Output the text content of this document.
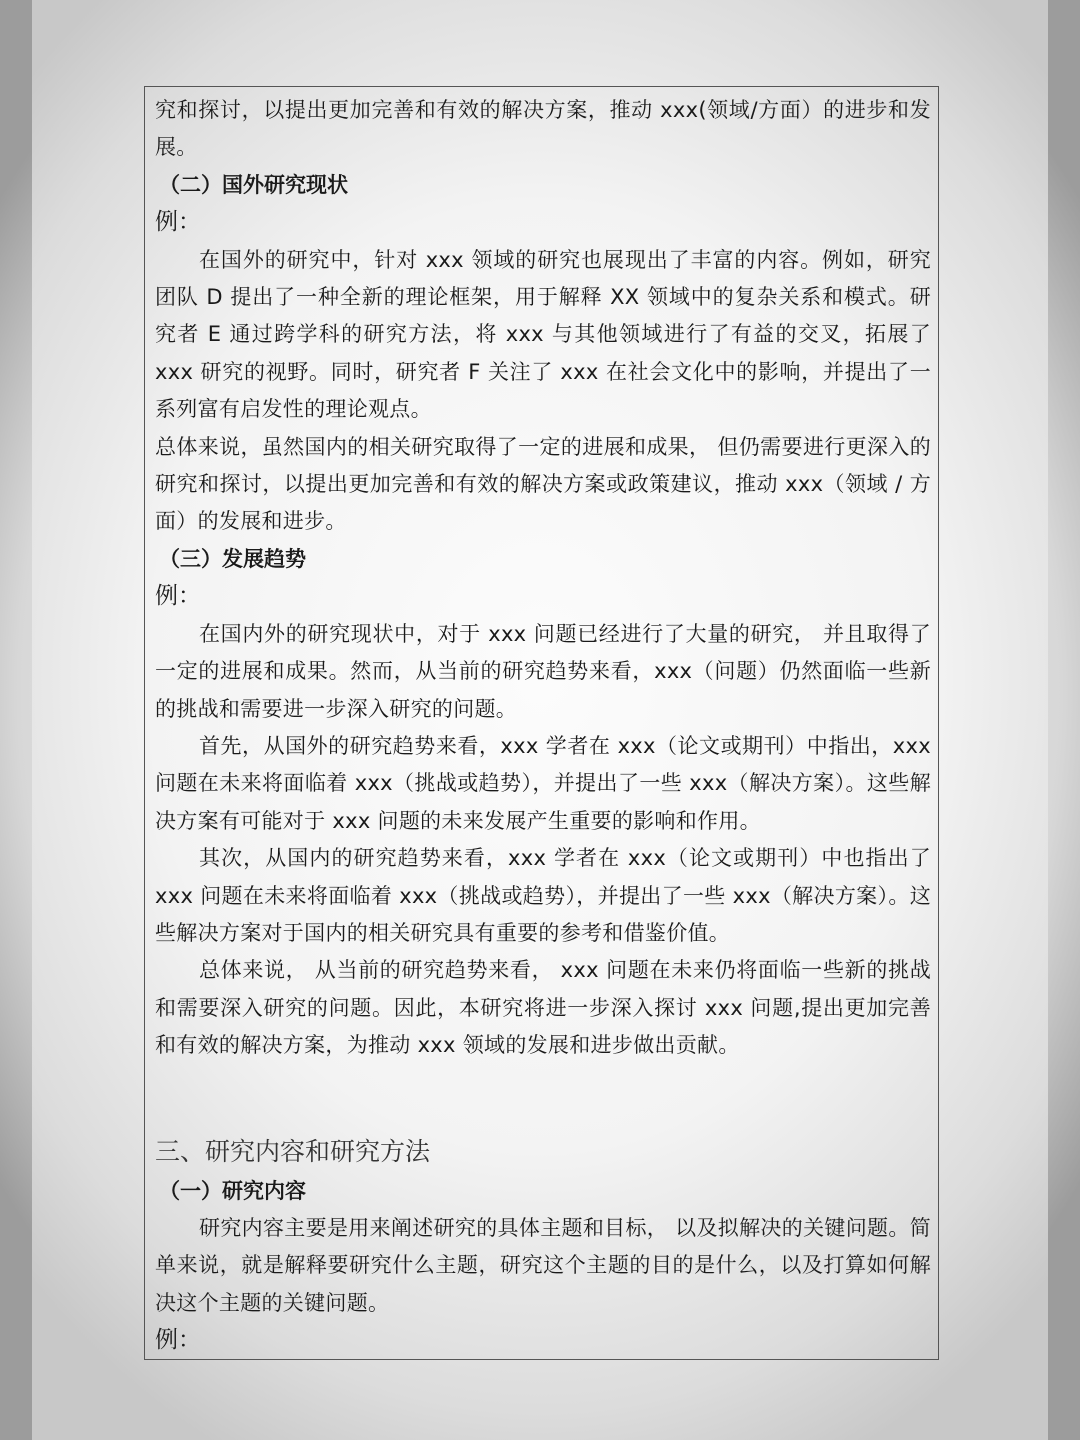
究和探讨，以提出更加完善和有效的解决方案，推动 xxx(领域/方面）的进步和发展。

（二）国外研究现状

例：

在国外的研究中，针对 xxx 领域的研究也展现出了丰富的内容。例如，研究团队 D 提出了一种全新的理论框架，用于解释 XX 领域中的复杂关系和模式。研究者 E 通过跨学科的研究方法，将 xxx 与其他领域进行了有益的交叉，拓展了 xxx 研究的视野。同时，研究者 F 关注了 xxx 在社会文化中的影响，并提出了一系列富有启发性的理论观点。

总体来说，虽然国内的相关研究取得了一定的进展和成果， 但仍需要进行更深入的研究和探讨，以提出更加完善和有效的解决方案或政策建议，推动 xxx（领域 / 方面）的发展和进步。

（三）发展趋势

例：

在国内外的研究现状中，对于 xxx 问题已经进行了大量的研究， 并且取得了一定的进展和成果。然而，从当前的研究趋势来看，xxx（问题）仍然面临一些新的挑战和需要进一步深入研究的问题。

首先，从国外的研究趋势来看，xxx 学者在 xxx（论文或期刊）中指出，xxx 问题在未来将面临着 xxx（挑战或趋势），并提出了一些 xxx（解决方案）。这些解决方案有可能对于 xxx 问题的未来发展产生重要的影响和作用。

其次，从国内的研究趋势来看，xxx 学者在 xxx（论文或期刊）中也指出了 xxx 问题在未来将面临着 xxx（挑战或趋势），并提出了一些 xxx（解决方案）。这些解决方案对于国内的相关研究具有重要的参考和借鉴价值。

总体来说， 从当前的研究趋势来看， xxx 问题在未来仍将面临一些新的挑战和需要深入研究的问题。因此，本研究将进一步深入探讨 xxx 问题,提出更加完善和有效的解决方案，为推动 xxx 领域的发展和进步做出贡献。

三、研究内容和研究方法

（一）研究内容

研究内容主要是用来阐述研究的具体主题和目标， 以及拟解决的关键问题。简单来说，就是解释要研究什么主题，研究这个主题的目的是什么，以及打算如何解决这个主题的关键问题。

例：
